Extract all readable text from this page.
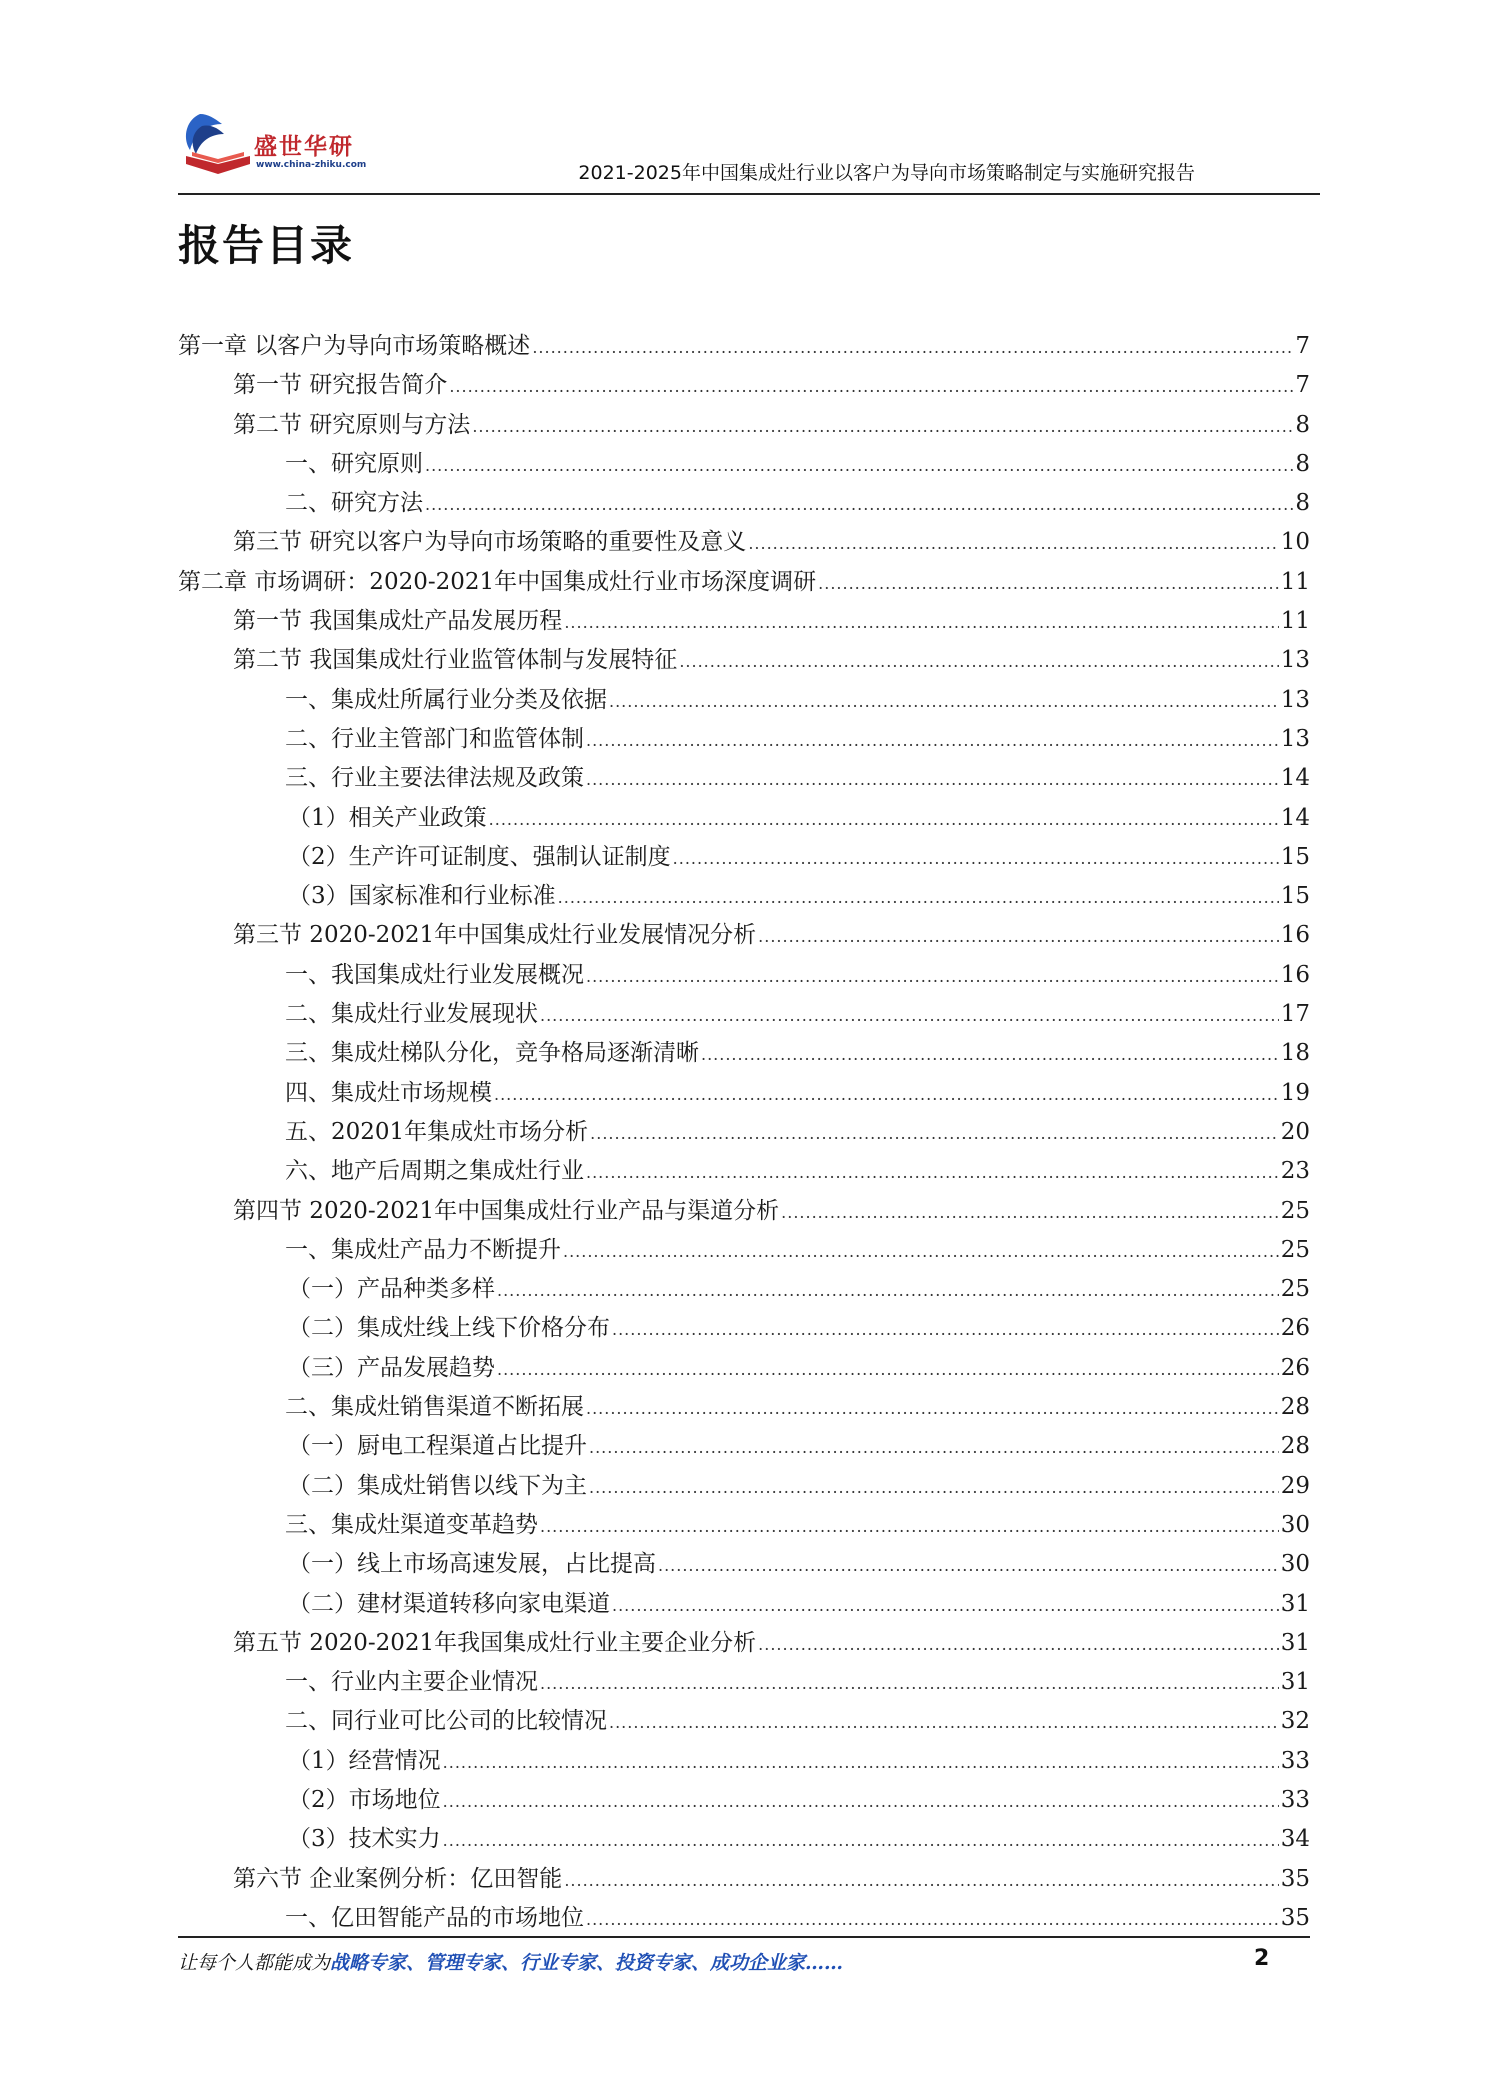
盛世华研
www.china-zhiku.com	2021-2025年中国集成灶行业以客户为导向市场策略制定与实施研究报告
报告目录
第一章 以客户为导向市场策略概述 .....	7
第一节 研究报告简介 .....	7
第二节 研究原则与方法 .....	8
一、研究原则 .....	8
二、研究方法 .....	8
第三节 研究以客户为导向市场策略的重要性及意义 .....	10
第二章 市场调研：2020-2021年中国集成灶行业市场深度调研 .....	11
第一节 我国集成灶产品发展历程 .....	11
第二节 我国集成灶行业监管体制与发展特征 .....	13
一、集成灶所属行业分类及依据 .....	13
二、行业主管部门和监管体制 .....	13
三、行业主要法律法规及政策 .....	14
（1）相关产业政策 .....	14
（2）生产许可证制度、强制认证制度 .....	15
（3）国家标准和行业标准 .....	15
第三节 2020-2021年中国集成灶行业发展情况分析 .....	16
一、我国集成灶行业发展概况 .....	16
二、集成灶行业发展现状 .....	17
三、集成灶梯队分化，竞争格局逐渐清晰 .....	18
四、集成灶市场规模 .....	19
五、20201年集成灶市场分析 .....	20
六、地产后周期之集成灶行业 .....	23
第四节 2020-2021年中国集成灶行业产品与渠道分析 .....	25
一、集成灶产品力不断提升 .....	25
（一）产品种类多样 .....	25
（二）集成灶线上线下价格分布 .....	26
（三）产品发展趋势 .....	26
二、集成灶销售渠道不断拓展 .....	28
（一）厨电工程渠道占比提升 .....	28
（二）集成灶销售以线下为主 .....	29
三、集成灶渠道变革趋势 .....	30
（一）线上市场高速发展，占比提高 .....	30
（二）建材渠道转移向家电渠道 .....	31
第五节 2020-2021年我国集成灶行业主要企业分析 .....	31
一、行业内主要企业情况 .....	31
二、同行业可比公司的比较情况 .....	32
（1）经营情况 .....	33
（2）市场地位 .....	33
（3）技术实力 .....	34
第六节 企业案例分析：亿田智能 .....	35
一、亿田智能产品的市场地位 .....	35
让每个人都能成为战略专家、管理专家、行业专家、投资专家、成功企业家……	2
